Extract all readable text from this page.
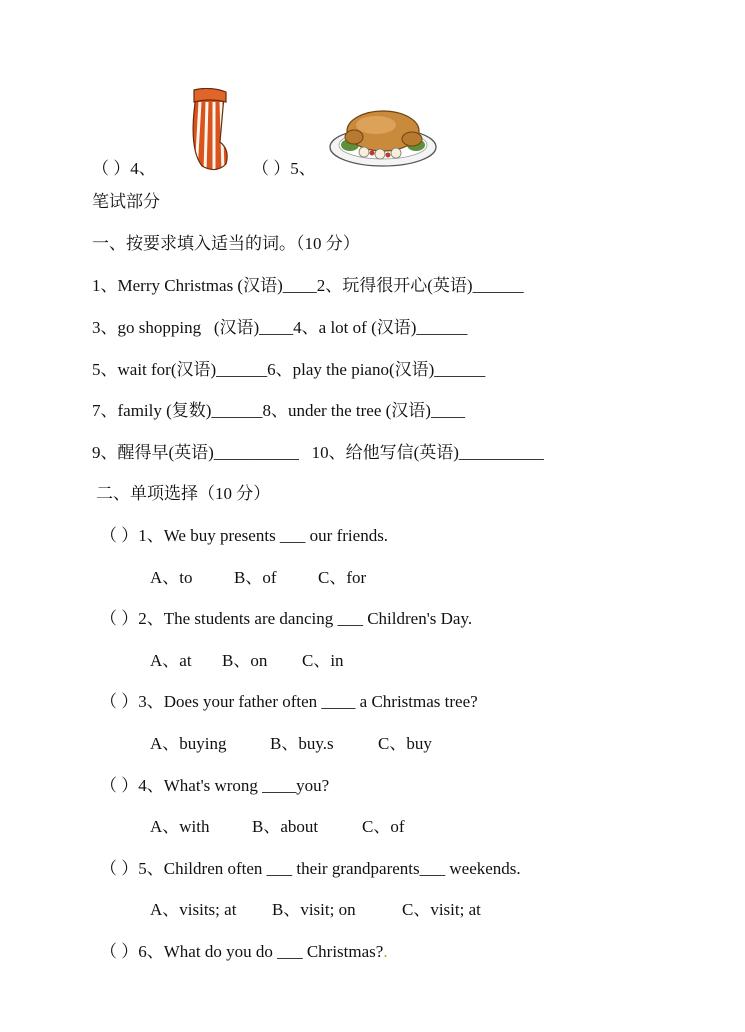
（ ）4、	（ ）5、
笔试部分
一、按要求填入适当的词。（10 分）
1、Merry Christmas (汉语)____2、玩得很开心(英语)______
3、go shopping   (汉语)____4、a lot of (汉语)______
5、wait for(汉语)______6、play the piano(汉语)______
7、family (复数)______8、under the tree (汉语)____
9、醒得早(英语)__________   10、给他写信(英语)__________
二、单项选择（10 分）
（ ）1、We buy presents ___ our friends.
A、to B、of C、for
（ ）2、The students are dancing ___ Children's Day.
A、at B、on C、in
（ ）3、Does your father often ____ a Christmas tree?
A、buying	B、buy.s	C、buy
（ ）4、What's wrong ____you?
A、with	B、about	C、of
（ ）5、Children often ___ their grandparents___ weekends.
A、visits; at B、visit; on	C、visit; at
（ ）6、What do you do ___ Christmas?.
